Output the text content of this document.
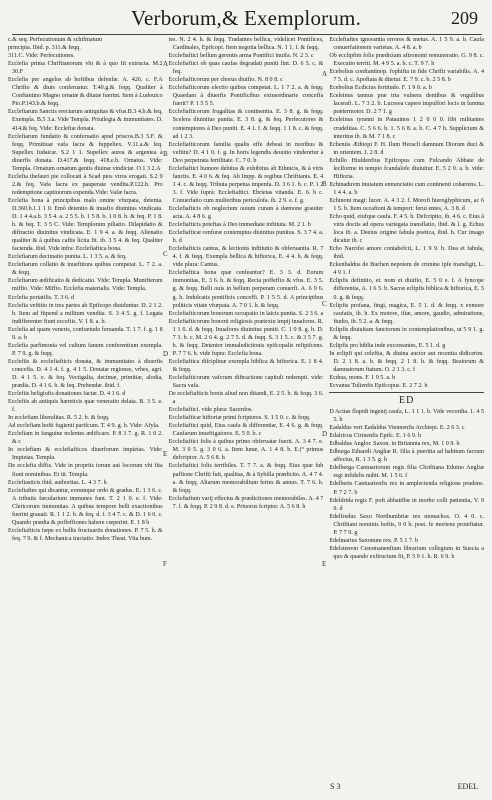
Verborum,& Exemplorum.	209

c.& seq. Perfecutionum & schifmatum

principia. Ibid. p. 311.& feqq.

311.C. Vide: Perfecutiones.

Ecclefia prima Chriftianorum vbi & à quo fit extructa. M.2 30.F

Ecclefia per angelos ab hoftibus defenfæ. A. 426. c. F.A Chrifto & diuis conferuatur. T.40.g.& feqq. Qualiter à Conftantino Magno ornatæ & ditatæ fuerint. Item à Ludouico Pio.P.143.b.& feqq.

Ecclefiarum Sanctis erectarum antiquitas & vfus.B.3 4.b.& feq. Exempla. B.5 3.a. Vide Templa. Priuilegia & immunitates. D. 414.& feq. Vide: Ecclefiæ donata.

Ecclefiarum fundatio & conferuatio apud priscos.B.3 5.F. & feqq. Primitiuæ vafa facra & fuppeliex. V.11.a.& feq. Supellex Iudaicæ. S.2 1 1. Supellex aurea & argentea à diuerfis donata. D.417.& feqq. 418.e.b. Ornatus. Vide: Templa. Ornatum ornatum gentis diuinæ vindictæ. O.1 3 2.A

Ecclefia thefauri pie collocati à Scad pios viros erogati. S.2 9 2.& feq. Vafa facra ex pauperate vendita.P.122.b. Pro redemptione captiuorum expenda.Vide: Vafæ facra.

Ecclefia bona à principibus malo omine vfurpata, detenta. D.360.b.1.1 1 0. Emò detentio & inuafio diuinitus vindicata. D. 1 4 4.a.b. 3 5 4. a. 2 5 5. b. 1 5 8. b. 1 0 8. b. & feq. P. 1 8. h. & feq. T. 3 5 C. Vide: Templorum piliatio. Dilapidatio & diftractio diuinitus vindicata. E. 1 9 4. a. & feqq. Alienatio qualiter & à quibus caftis licita fit. ib. 3 5 4. & feq. Qualiter facienda. ibid. Vide infra: Ecclefiaftica bona.

Ecclefiarum decimatio punita. L. 1 3 5. a. & feq.

Ecclefiarum collatio & inueftitura quibus competat. L. 7 2. a. & feqq.

Ecclefiarum ædificatio & dedicatio. Vide: Templa. Munifterum miffio. Vide: Miffio. Ecclefia materialis. Vide: Templa.

Ecclefia portatilis. T. 3 6. d

Ecclefia veftitio in tres partes ab Epifcopo diuiduntur. D. 2 1 2. b. Item ad ftipend a militum vendita. S. 3 4 5. g. f. Legata indifferenter fiunt eccefiis. V. 1 8. a. b.

Ecclefia ad quam veneris, confuetudo feruanda. T. 1 7. f. g. 1 8 9. a. b

Ecclefia parfimonia vel cultum fanum conferentium exempla. P. 7 9. g. & feqq.

Ecclefiis & ecclefiafticis donata, & immunitates à diuerfis conceffa. D. 4 1 4. f. g. 4 1 5. Donatæ regiones, vrbes, agri. D. 4 1 5. e. & feq. Vectigalia, decimæ, primitiæ, alodia, prædia. D. 4 1 6. b. & feq. Prebendæ. ibid. f.

Ecclefiis beligiofis donationes factæ. D. 4 1 6. d

Ecclefiis ab antiquis hæreticis quæ veneratio delata. B. 3 5. e. f.

In ecclefiam liberalitas. R. 5 2. b. & feqq.

Ad ecclefiam hofti fugienti parifcum. T. 4 9. g. h. Vide: Afyla.

Ecclefiam in fanguine nolentes ædificare. P. 8 3 7. g. R. 1 0 2. & c

In ecclefiam & ecclefiafticos diuerforum impietas. Vide: Impietas. Templa.

De ecclefia diffis. Vide in propriis torum aut locorum vbi fita fiunt nominibus. Et tit. Templa.

Ecclefiasticis ibid. authoritas. L. 4 3 7. b

Ecclefiaftes qui dicantur, eorumque ordo & gradus. E. 1 3 6. c. A tributis fæcularium immunes funt. T. 2 1 0. e. f. Vide: Clericorum immunitas. A quibus tempore belli exactionibus fuerint grauati. R. 1 1 2. b. & feq. d. f. 3 4 7. c. & D. 1 6 0. c. Quando prædia & poffeffiones habere cœperint. E. 1 8 b

Ecclefiafticis fæpe ex bellis fructuariis donationes. P. 7 5. h. & feq. 7 9. & f. Mechanica tractatio. Index Theat. Vita hum.

tes. N. 2 4. h. & feqq. Tradantes bellica, videlicet Pontifices, Cardinales, Epifcopi. Item negotia bellica. N. 1 1. f. & feqq.

Ecclefiaftici bellum gerentis arma Pontifici inuifa. N. 2 3. c

Ecclefiaftici ob quas caufas degradati puniti fint. D. 6 5. c. & feq.

Ecclefiafticorum per chorus diuifio. N. 8 0 8. c

Ecclefiafticorum electio quibus competat. L. 1 7 2. a. & feqq. Quaedam à diuerfis Pontificibus extraordinarie conceffa fuerit? P. 1 5 5 5.

Ecclefiafticorum frugalitas & continentia. E. 3 8. g. & feqq. Scelera diuinitus punita. E. 3 8. g. & feq. Perfecutores & contemptores à Deo puniti. E. 4 1. f. & feqq. 1 1 8. c. & feqq. ad 1 2 3.

Ecclefiafticorum familia qualis effe debeat in moribus & veftitu? D. 4 1 0. f. g. In horis legendis deuotio vindenrtur à Deo perpetrata fertilitate. C. 7 0. b

Ecclefiaftici humore debitus & exhibitus ab Ethnicis, & à viris fanctis. E. 4 0 6. & feq. Ab Impp. & regibus Chriftianis. E. 4 1 4. c. & feqq. Tributa perpetua impenfa. D. 3 6 1. b. c. P. 1 2 3. f. Vide fuprà: Ecclefiaftici. Ebrietas vitanda. E. 6. b c. Conuerfatio cum mulieribus periculofa. ib. 2 9. e. f. g.

Ecclefiafticis ob neglectum ouium curam à dæmone grauiter acta. A. 4 8 6. g

Ecclefiafticis poteftas à Deo immediate inftituta. M. 2 1. b

Ecclefiafticæ cenfuræ contemptus diuinitus punitus. S. 3 7 4. a. b. d

Ecclefiafticis cantus, & lectionis inftitutio & obferuantia. R. 7 4. f. & feqq. Exempla bellica & hiftorica, E. 4 4. h. & feqq. vide plura: Cantus.

Ecclefiaftica bona quæ cenfeantur? E. 3 3. d. Eorum immunitas, E. 3 6. h. & feqq. Recta poffeffio & vfus. E. 3 5. g. & feqq. Belli ouis in bellum perperam conuerfi. A. 6 9 6. g. h. Indulcatis pontificis conceffi. P. 1 5 5. d. A principibus politicis vitate vfurpata. A. 7 0 1. h. & feqq.

Ecclefiafticorum bonorum occupatio in laicis punita. S. 2 3 6. a

Ecclefiafticorum bonorū religiosis prætextu impij inuafores. R. 1 1 6. d. & feqq. Inuafores diuinitus puniti. C. 1 0 8. g. h. D. 7 3. b. c. M. 2 6 4. g. 2 7 5. d. & feqq. S. 3 1 5. c. & 3 5 7. g. h. & feqq. Detentor immaledictionis epifcopalis refipifcens. P. 7 7 6. h. vide fupra: Ecclefia bona.

Ecclefiaftica difciplinæ exempla biblica & hiftorica. E. 1 8 4. & feqq.

Ecclefiafticorum vafcrum diftractione capituli redempti. vide: Sacra vafa.

De ecclefiafticis bonis aliud non ditandi, E. 2 5. b. & feqq. 3 6. a

Ecclefiaftici. vide plura: Sacerdos.

Ecclefiafticæ hiftoriæ primi fcriptores. S. 1 5 0. c. & feqq.

Ecclefiaftici quid, Eius caufa & differentiæ, E. 4 6. g. & feqq. Caufarum inueftigatores. E. 5 0. b. c

Ecclefiaftici folis à quibus primo obferuatæ fuerit. A. 3 4 7. e. M. 3 0 5. g. 3 0 6. a. Item lunæ, A. 1 4 8. b. E.(° primus defcriptor. A. 5 6 8. h

Ecclefiaftici folis terribiles. T. 7 7. a. & feqq. Eius quæ fub paffione Chrifti fuit, qualitas, & à Sybilla prædictio. A. 4 7 4. a. & feqq. Aliarum memorabilium feries & annus. T. 7 6. h. & feqq.

Ecclefiaftum varij effectus & prædictiones memorabiles. A. 4 7 7. f. & feqq. P. 2 9 8. d. e. Priuorus fcriptor. A. 5 6 8. h

Ecclefiaftes ignorantia errores & metus. A. 1 5 9. a. b. Caufa conuerfationem varietas. A. 4 8. a. b

Ob ecclipfim folis prædictam aftronomi remuneratio. G. 9 8. c. Executio territi. M. 4 9 5. a. b. c. T. 9 7. h

Ecebolius conftantinop. fophifta in fide Chrifti variabilis. A. 4 7 5. d. c. Apoftata & ditetur. E. 7 9. c. b. 2 5 8. b

Ecebolius Ecdicius fortitudo. F. 1 9 0. a. b

Eceleinus tannus præ tria vulnera dentibus & vngulibus lacerafi. L. 7 3 2. b. Lucreea capere impulfori locis in lumina prætermotor. D. 2 7 1. g

Eceleinus tyranni in Patauinos 1 2 0 0 0. fibi militantes crudelitas. C. 5 6 6. h. 1. 5 6 8. a. b. C. 4 7 h. Supplicium & interitus ib. & M. 7 1 8. c

Echeniis Æthiopi F. H. Ilum Heracli damnum Diorum duci & in orientem. J. 2 8. d

Echillo Hiuldenfius Epifcopus cum Fulcando Abbate de leclforme in tempio fcandalofe diuiuitur. E. 5 2 0. a. b. vide: Hiftoria.

Echinaduvm inuiatum ennunciatio cum continenti cohærens. L. 1 4 4. a. b

Echinoni magi: lucer. A. 4 3 2. f. Morofi hieroglyphicum, ac 6 1 5. b. Item occafioni & tempori: ferui entes, A. 3 8. d

Echo quid, eiufque caufa. F. 4 5. h. Defcriptio, ib. 4 6. c. Eius à viris doctis ad opera variegata transflatio, ibid. & l. g. Echus loca ib. a. Deeius origine fabula poetica, ibid. h. Cur imago dicatur ib. c

Echo Narcifsi amore contabefcit, L. 1 9 9. b. Dea et fabula, ibid.

Eckenbaldus de Buchen nepotem de crimine ipfe transfigit, L. 4 9 1. f

Eclipfis definitio, et. nom et diuifio, E. 5 0 e. f. A fyncope differentia, A. 1 6 5. b. Sacræ eclipfis biblica & hiftorica, E. 5 0. g. & feqq.

Eclipfis profana, fingi, magica, E. 5 1. d. & feqq. x exmore caufatis, ib. h. Ex motore, iftæ, amore, gaudio, admiratione, ftudio, ib. 5 2. a. & feqq.

Eclipfis diuiuitam fanctorum in contemplationibus, ut 5 9 1. g. & feqq.

Eclipfis pro biblia inde excoreantes, E. 5 1. d. g

In eclipfi qui celeftia, & diuina auctor aut recentia didicerim. D. 2 1 8. a. b. & feqq. 2 1 8. h. & feqq. Beatorum & damnatorum ftatum. O. 2 1 3. c. f

Ecdras, mons. F. 1 9 5. a. b

Ecvanus Tulienfis Epifcopus. E. 2 7 2. b

ED

D Acitas flupidi ingenij caufa, L. 1 1 1. b. Vide vecordia. 1. 4 5 5. b

Eadaldus veri Eadaldus Viennenfis Archiepi. E. 2 6 3. c

Edalricus Cirinenfis Epifc. E. 1 6 9. h

Edbaldus Anglor. Saxon. in Britannia rex, M. 1 0 9. b

Edburga Eduardi Angliæ R. filia à pueritia ad habitum facrum affectus, R. 1 3 5. g. h

Edelberga Cantuariorum regis filia Chriftiana Eduino Angliæ regi infidelis nubit. M. 1 5 6. f

Edelberts Cantuarienfis rex in amplectenda religione prudens. P. 7 2 7. b

Edeldrida regis F. poft abbatiffæ in morbo colli patientia, V. 9 9. d

Edelfredus Saxo Northumbriæ rex monachos. O. 4 0. c. Chriftiani nominis hoftis, 9 0 b. post. fe moriens proteftatur. P. 7 7 9. g

Edelmarius Saxonum rex. P. 5 1 7. b

Edelstenvm Cenomanenfium librarium collegium in Suecia a quo & quando exftructum fit, P. 5 9 1. h. R. 6 9. h

S 3	EDEL
A
B
C
D
E
F
A
B
C
D
E
